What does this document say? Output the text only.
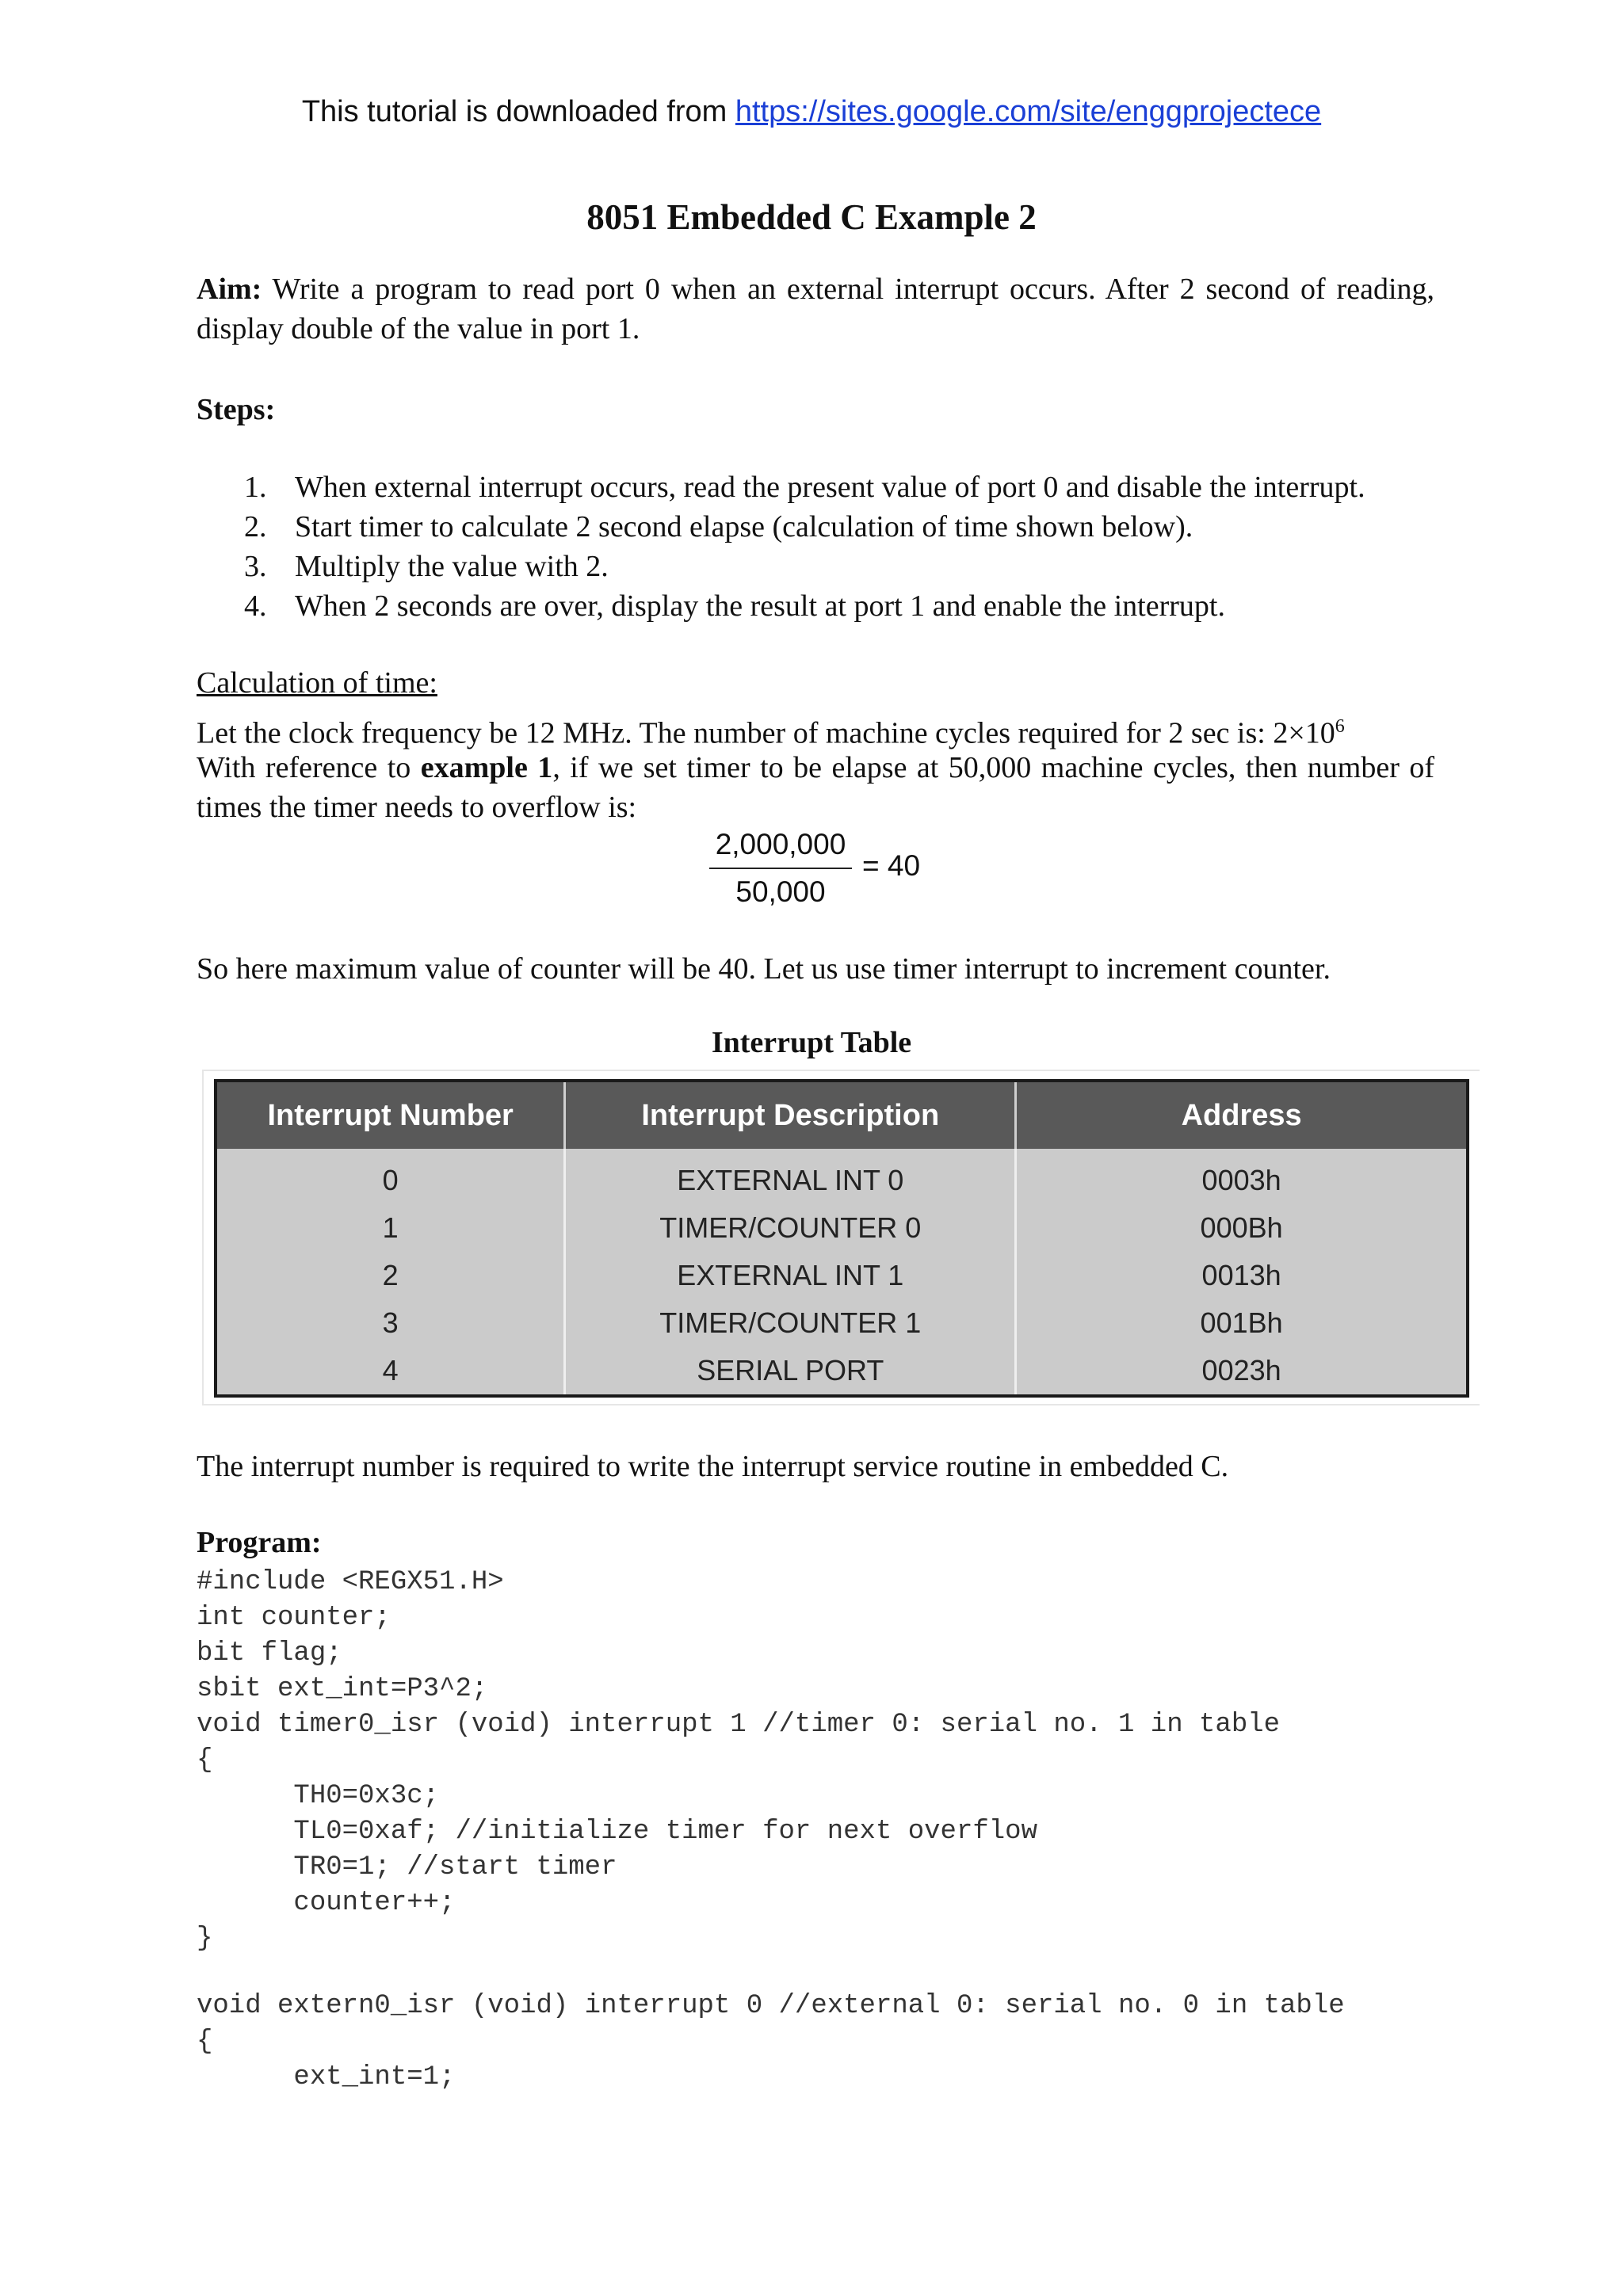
This tutorial is downloaded from https://sites.google.com/site/enggprojectece
8051 Embedded C Example 2
Aim: Write a program to read port 0 when an external interrupt occurs. After 2 second of reading, display double of the value in port 1.
Steps:
1. When external interrupt occurs, read the present value of port 0 and disable the interrupt.
2. Start timer to calculate 2 second elapse (calculation of time shown below).
3. Multiply the value with 2.
4. When 2 seconds are over, display the result at port 1 and enable the interrupt.
Calculation of time:
Let the clock frequency be 12 MHz. The number of machine cycles required for 2 sec is: $2\times 10^6$
With reference to example 1, if we set timer to be elapse at 50,000 machine cycles, then number of times the timer needs to overflow is:
$\frac{2,000,000}{50,000} = 40$
So here maximum value of counter will be 40. Let us use timer interrupt to increment counter.
Interrupt Table
Interrupt Number	Interrupt Description	Address
0	EXTERNAL INT 0	0003h
1	TIMER/COUNTER 0	000Bh
2	EXTERNAL INT 1	0013h
3	TIMER/COUNTER 1	001Bh
4	SERIAL PORT	0023h
The interrupt number is required to write the interrupt service routine in embedded C.
Program:
#include <REGX51.H>
int counter;
bit flag;
sbit ext_int=P3^2;
void timer0_isr (void) interrupt 1 //timer 0: serial no. 1 in table
{
TH0=0x3c;
TL0=0xaf; //initialize timer for next overflow
TR0=1; //start timer
counter++;
}
void extern0_isr (void) interrupt 0 //external 0: serial no. 0 in table
{
ext_int=1;
